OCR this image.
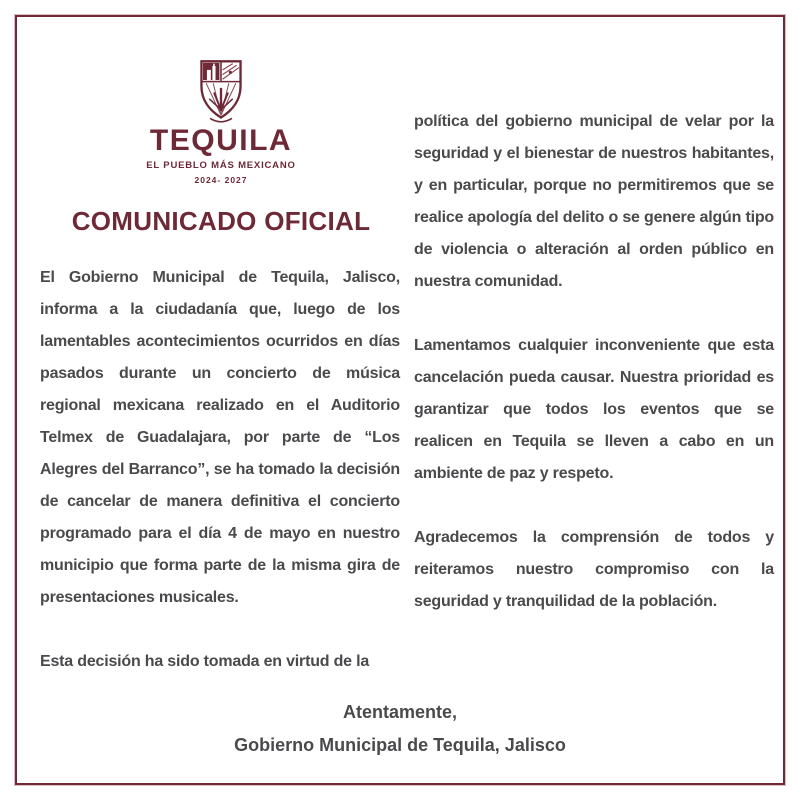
TEQUILA
EL PUEBLO MÁS MEXICANO
2024- 2027
COMUNICADO OFICIAL

El Gobierno Municipal de Tequila, Jalisco, informa a la ciudadanía que, luego de los lamentables acontecimientos ocurridos en días pasados durante un concierto de música regional mexicana realizado en el Auditorio Telmex de Guadalajara, por parte de “Los Alegres del Barranco”, se ha tomado la decisión de cancelar de manera definitiva el concierto programado para el día 4 de mayo en nuestro municipio que forma parte de la misma gira de presentaciones musicales.

Esta decisión ha sido tomada en virtud de la

política del gobierno municipal de velar por la seguridad y el bienestar de nuestros habitantes, y en particular, porque no permitiremos que se realice apología del delito o se genere algún tipo de violencia o alteración al orden público en nuestra comunidad.

Lamentamos cualquier inconveniente que esta cancelación pueda causar. Nuestra prioridad es garantizar que todos los eventos que se realicen en Tequila se lleven a cabo en un ambiente de paz y respeto.

Agradecemos la comprensión de todos y reiteramos nuestro compromiso con la seguridad y tranquilidad de la población.

Atentamente,
Gobierno Municipal de Tequila, Jalisco
